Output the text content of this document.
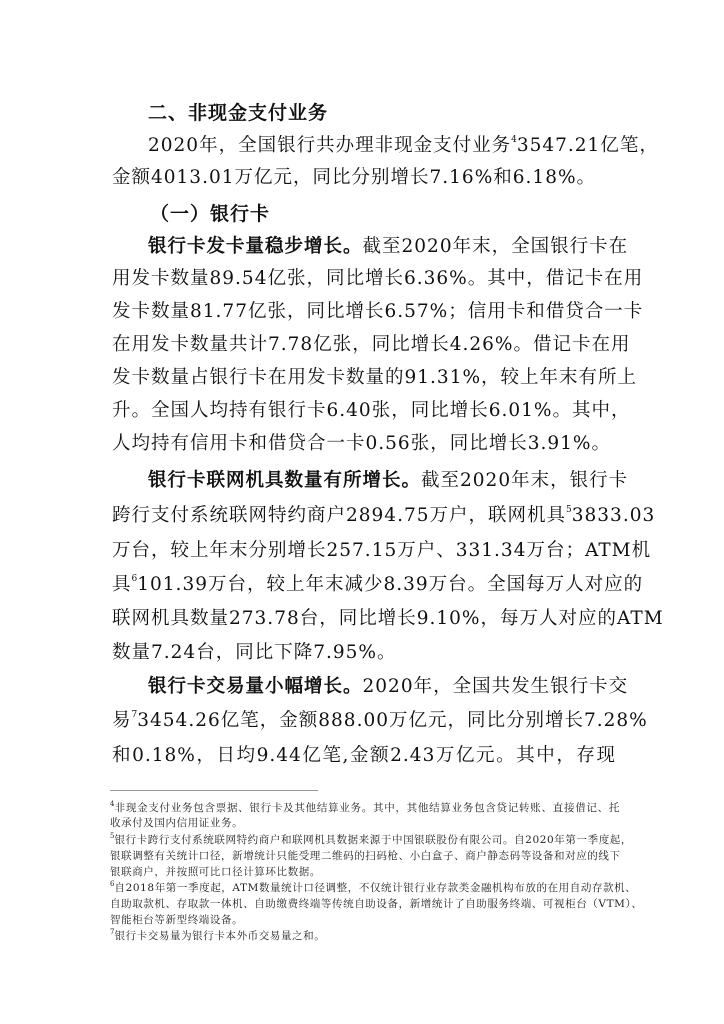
二、非现金支付业务
2020年，全国银行共办理非现金支付业务$^4$3547.21亿笔，
金额4013.01万亿元，同比分别增长7.16%和6.18%。
（一）银行卡
银行卡发卡量稳步增长。截至2020年末，全国银行卡在
用发卡数量89.54亿张，同比增长6.36%。其中，借记卡在用
发卡数量81.77亿张，同比增长6.57%；信用卡和借贷合一卡
在用发卡数量共计7.78亿张，同比增长4.26%。借记卡在用
发卡数量占银行卡在用发卡数量的91.31%，较上年末有所上
升。全国人均持有银行卡6.40张，同比增长6.01%。其中，
人均持有信用卡和借贷合一卡0.56张，同比增长3.91%。
银行卡联网机具数量有所增长。截至2020年末，银行卡
跨行支付系统联网特约商户2894.75万户，联网机具$^5$3833.03
万台，较上年末分别增长257.15万户、331.34万台；ATM机
具$^6$101.39万台，较上年末减少8.39万台。全国每万人对应的
联网机具数量273.78台，同比增长9.10%，每万人对应的ATM
数量7.24台，同比下降7.95%。
银行卡交易量小幅增长。2020年，全国共发生银行卡交
易$^7$3454.26亿笔，金额888.00万亿元，同比分别增长7.28%
和0.18%，日均9.44亿笔,金额2.43万亿元。其中，存现
$^4$非现金支付业务包含票据、银行卡及其他结算业务。其中，其他结算业务包含贷记转账、直接借记、托
收承付及国内信用证业务。
$^5$银行卡跨行支付系统联网特约商户和联网机具数据来源于中国银联股份有限公司。自2020年第一季度起，
银联调整有关统计口径，新增统计只能受理二维码的扫码枪、小白盒子、商户静态码等设备和对应的线下
银联商户，并按照可比口径计算环比数据。
$^6$自2018年第一季度起，ATM数量统计口径调整，不仅统计银行业存款类金融机构布放的在用自动存款机、
自助取款机、存取款一体机、自助缴费终端等传统自助设备，新增统计了自助服务终端、可视柜台（VTM）、
智能柜台等新型终端设备。
$^7$银行卡交易量为银行卡本外币交易量之和。
